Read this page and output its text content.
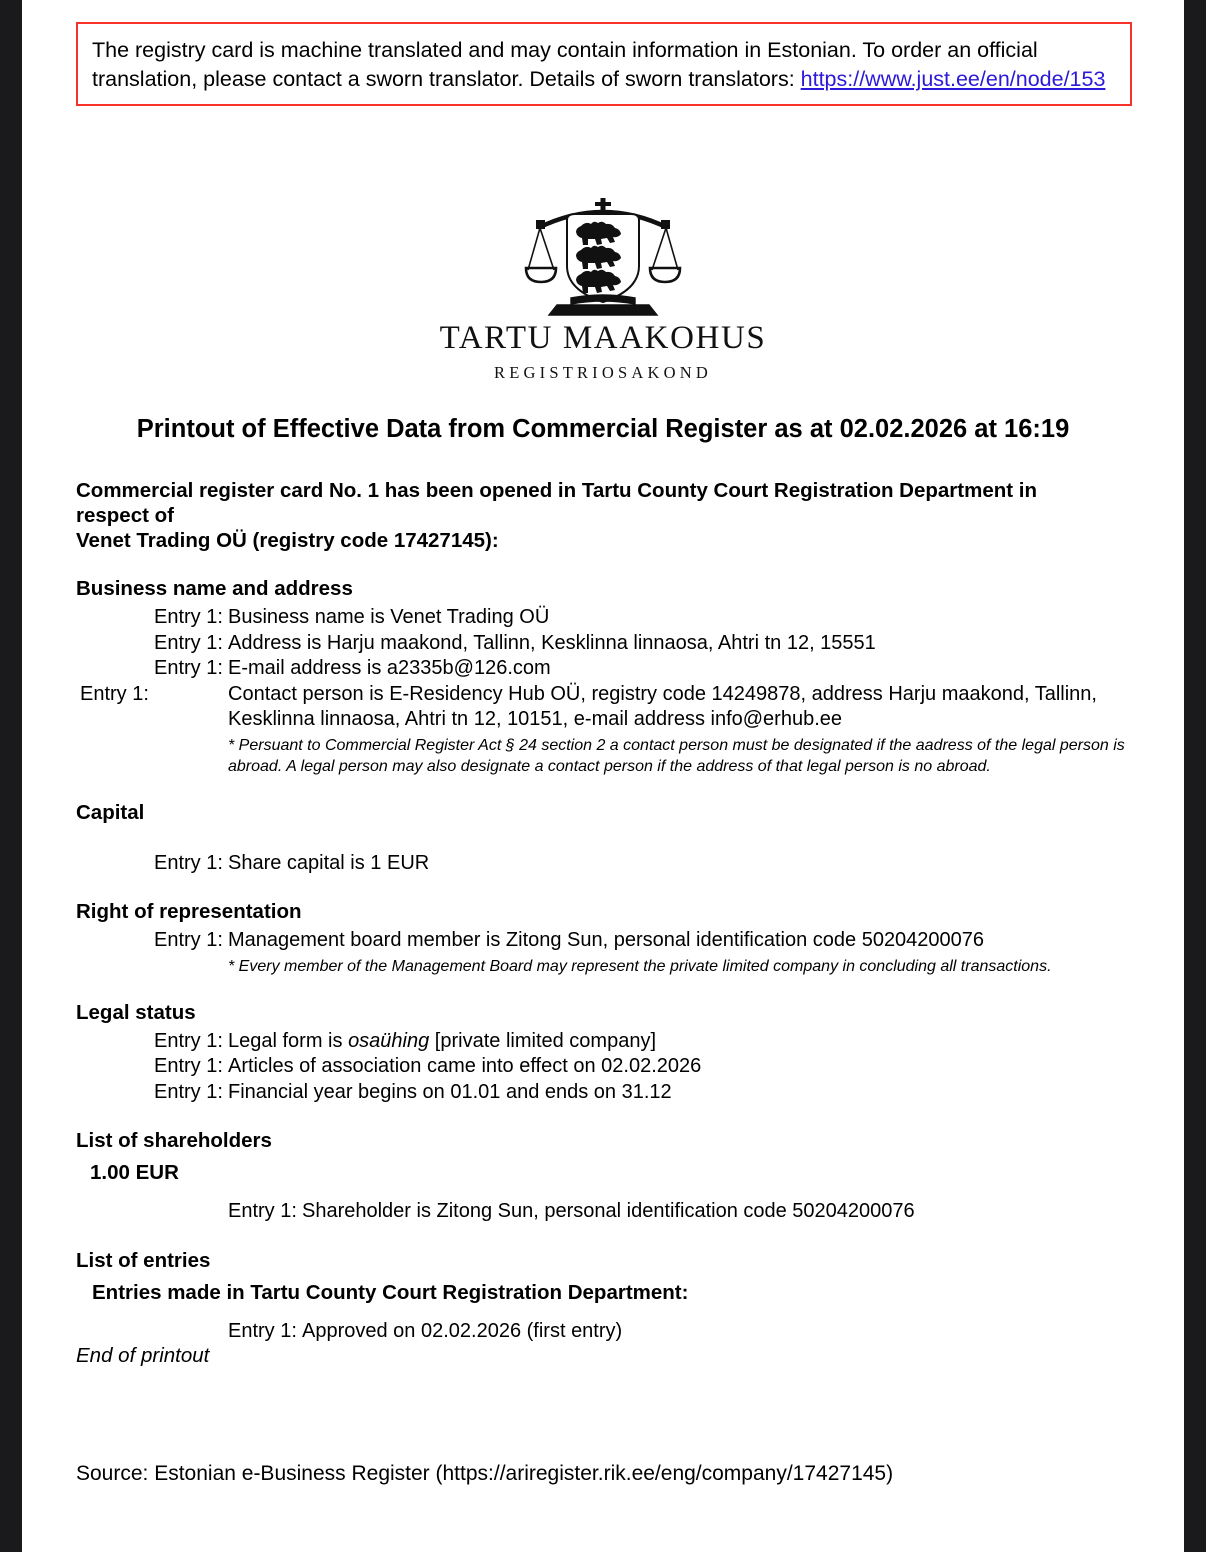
The registry card is machine translated and may contain information in Estonian. To order an official translation, please contact a sworn translator. Details of sworn translators: https://www.just.ee/en/node/153

TARTU MAAKOHUS
REGISTRIOSAKOND
Printout of Effective Data from Commercial Register as at 02.02.2026 at 16:19

Commercial register card No. 1 has been opened in Tartu County Court Registration Department in
respect of
Venet Trading OÜ (registry code 17427145):

Business name and address

Entry 1: Business name is Venet Trading OÜ

Entry 1: Address is Harju maakond, Tallinn, Kesklinna linnaosa, Ahtri tn 12, 15551

Entry 1: E-mail address is a2335b@126.com

Entry 1:	Contact person is E-Residency Hub OÜ, registry code 14249878, address Harju maakond, Tallinn, Kesklinna linnaosa, Ahtri tn 12, 10151, e-mail address info@erhub.ee

* Persuant to Commercial Register Act § 24 section 2 a contact person must be designated if the aadress of the legal person is abroad. A legal person may also designate a contact person if the address of that legal person is no abroad.

Capital

Entry 1: Share capital is 1 EUR

Right of representation

Entry 1: Management board member is Zitong Sun, personal identification code 50204200076

* Every member of the Management Board may represent the private limited company in concluding all transactions.

Legal status

Entry 1: Legal form is osaühing [private limited company]

Entry 1: Articles of association came into effect on 02.02.2026

Entry 1: Financial year begins on 01.01 and ends on 31.12

List of shareholders

1.00 EUR

Entry 1: Shareholder is Zitong Sun, personal identification code 50204200076

List of entries

Entries made in Tartu County Court Registration Department:

Entry 1: Approved on 02.02.2026 (first entry)

End of printout

Source: Estonian e-Business Register (https://ariregister.rik.ee/eng/company/17427145)
